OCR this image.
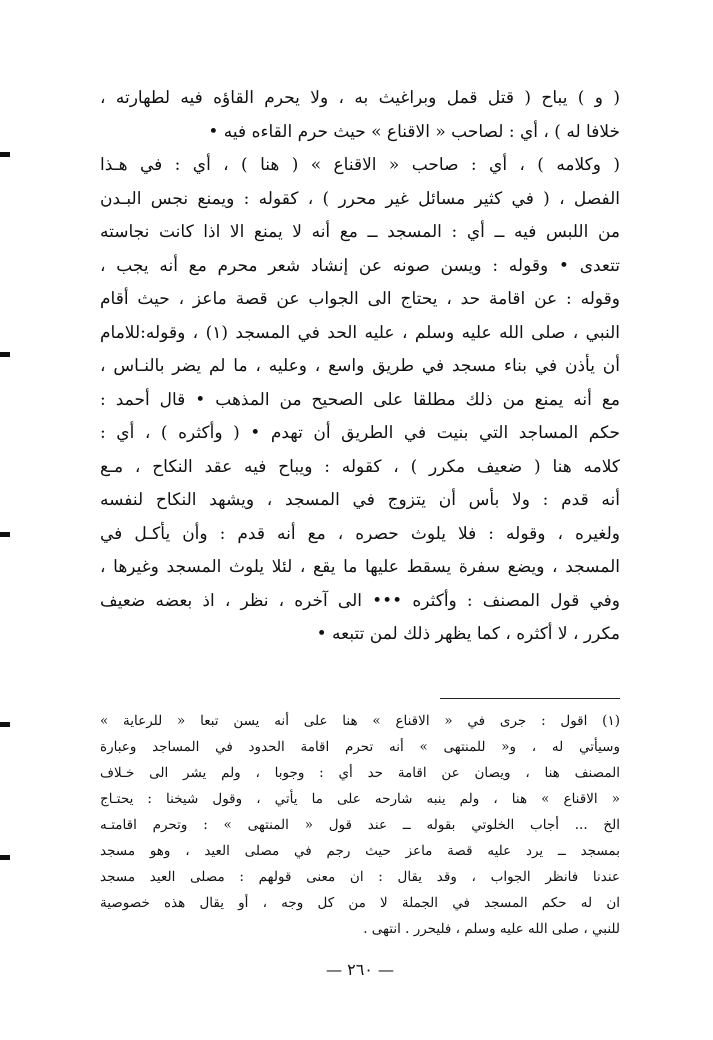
( و ) يباح ( قتل قمل وبراغيث به ، ولا يحرم القاؤه فيه لطهارته ،
خلافا له ) ، أي : لصاحب « الاقناع » حيث حرم القاءه فيه •
( وكلامه ) ، أي : صاحب « الاقناع » ( هنا ) ، أي : في هـذا
الفصل ، ( في كثير مسائل غير محرر ) ، كقوله : ويمنع نجس البـدن
من اللبس فيه ــ أي : المسجد ــ مع أنه لا يمنع الا اذا كانت نجاسته
تتعدى • وقوله : ويسن صونه عن إنشاد شعر محرم مع أنه يجب ،
وقوله : عن اقامة حد ، يحتاج الى الجواب عن قصة ماعز ، حيث أقام
النبي ، صلى الله عليه وسلم ، عليه الحد في المسجد (١) ، وقوله:للامام
أن يأذن في بناء مسجد في طريق واسع ، وعليه ، ما لم يضر بالنـاس ،
مع أنه يمنع من ذلك مطلقا على الصحيح من المذهب • قال أحمد :
حكم المساجد التي بنيت في الطريق أن تهدم • ( وأكثره ) ، أي :
كلامه هنا ( ضعيف مكرر ) ، كقوله : ويباح فيه عقد النكاح ، مـع
أنه قدم : ولا بأس أن يتزوج في المسجد ، ويشهد النكاح لنفسه
ولغيره ، وقوله : فلا يلوث حصره ، مع أنه قدم : وأن يأكـل في
المسجد ، ويضع سفرة يسقط عليها ما يقع ، لئلا يلوث المسجد وغيرها ،
وفي قول المصنف : وأكثره ••• الى آخره ، نظر ، اذ بعضه ضعيف
مكرر ، لا أكثره ، كما يظهر ذلك لمن تتبعه •
(١) اقول : جرى في « الاقناع » هنا على أنه يسن تبعا « للرعاية »
وسيأتي له ، و« للمنتهى » أنه تحرم اقامة الحدود في المساجد وعبارة
المصنف هنا ، ويصان عن اقامة حد أي : وجوبا ، ولم يشر الى خـلاف
« الاقناع » هنا ، ولم ينبه شارحه على ما يأتي ، وقول شيخنا : يحتـاج
الخ ... أجاب الخلوتي بقوله ــ عند قول « المنتهى » : وتحرم اقامتـه
بمسجد ــ يرد عليه قصة ماعز حيث رجم في مصلى العيد ، وهو مسجد
عندنا فانظر الجواب ، وقد يقال : ان معنى قولهم : مصلى العيد مسجد
ان له حكم المسجد في الجملة لا من كل وجه ، أو يقال هذه خصوصية
للنبي ، صلى الله عليه وسلم ، فليحرر . انتهى .
— ٢٦٠ —
